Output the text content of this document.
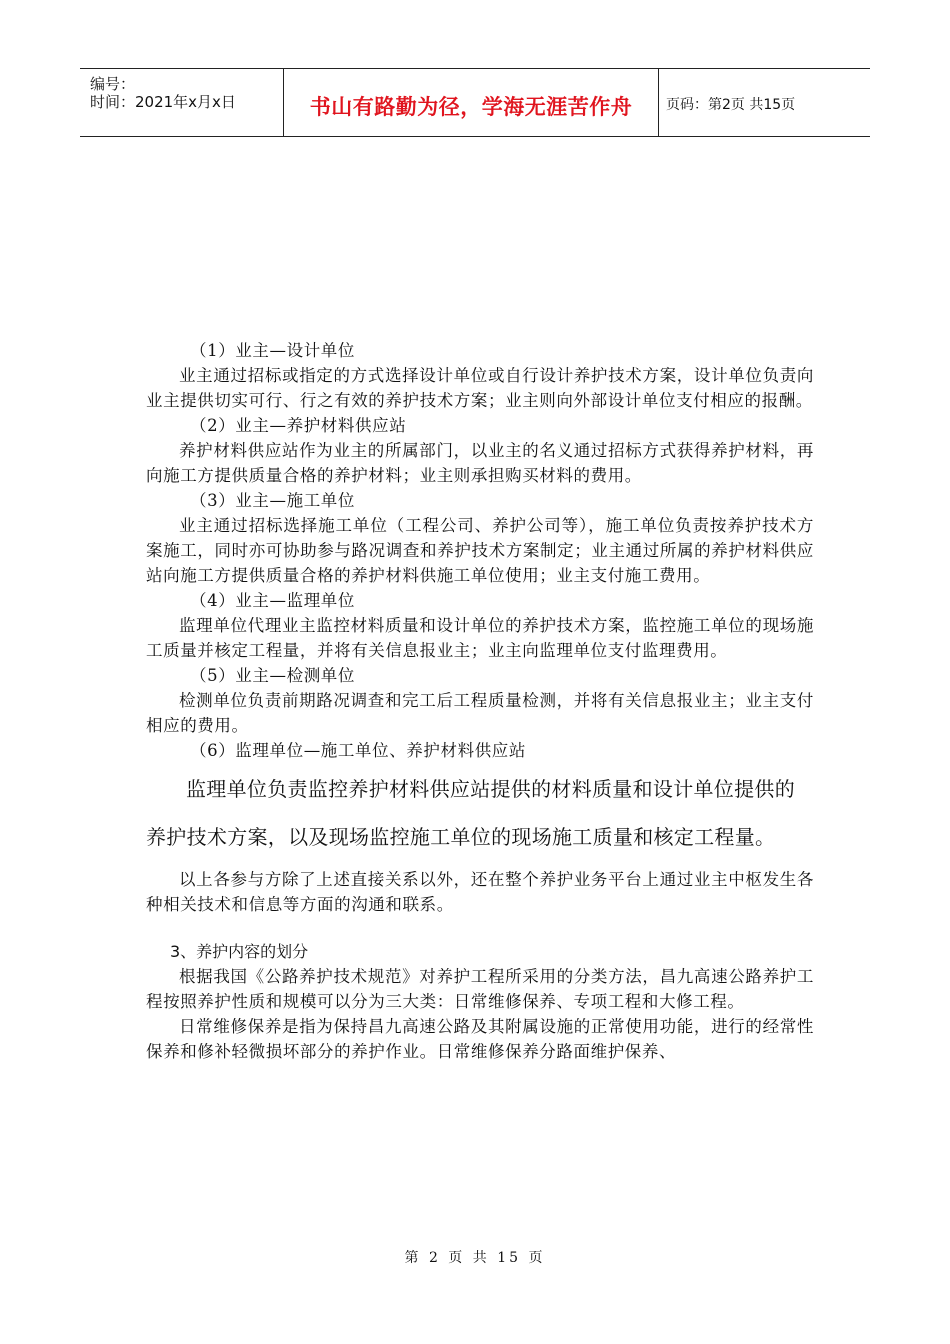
编号：
时间：2021年x月x日	书山有路勤为径，学海无涯苦作舟	页码：第2页 共15页

（1）业主—设计单位

业主通过招标或指定的方式选择设计单位或自行设计养护技术方案，设计单位负责向业主提供切实可行、行之有效的养护技术方案；业主则向外部设计单位支付相应的报酬。

（2）业主—养护材料供应站

养护材料供应站作为业主的所属部门，以业主的名义通过招标方式获得养护材料，再向施工方提供质量合格的养护材料；业主则承担购买材料的费用。

（3）业主—施工单位

业主通过招标选择施工单位（工程公司、养护公司等），施工单位负责按养护技术方案施工，同时亦可协助参与路况调查和养护技术方案制定；业主通过所属的养护材料供应站向施工方提供质量合格的养护材料供施工单位使用；业主支付施工费用。

（4）业主—监理单位

监理单位代理业主监控材料质量和设计单位的养护技术方案，监控施工单位的现场施工质量并核定工程量，并将有关信息报业主；业主向监理单位支付监理费用。

（5）业主—检测单位

检测单位负责前期路况调查和完工后工程质量检测，并将有关信息报业主；业主支付相应的费用。

（6）监理单位—施工单位、养护材料供应站

监理单位负责监控养护材料供应站提供的材料质量和设计单位提供的养护技术方案，以及现场监控施工单位的现场施工质量和核定工程量。

以上各参与方除了上述直接关系以外，还在整个养护业务平台上通过业主中枢发生各种相关技术和信息等方面的沟通和联系。

3、养护内容的划分

根据我国《公路养护技术规范》对养护工程所采用的分类方法，昌九高速公路养护工程按照养护性质和规模可以分为三大类：日常维修保养、专项工程和大修工程。

日常维修保养是指为保持昌九高速公路及其附属设施的正常使用功能，进行的经常性保养和修补轻微损坏部分的养护作业。日常维修保养分路面维护保养、

第 2 页 共 15 页
